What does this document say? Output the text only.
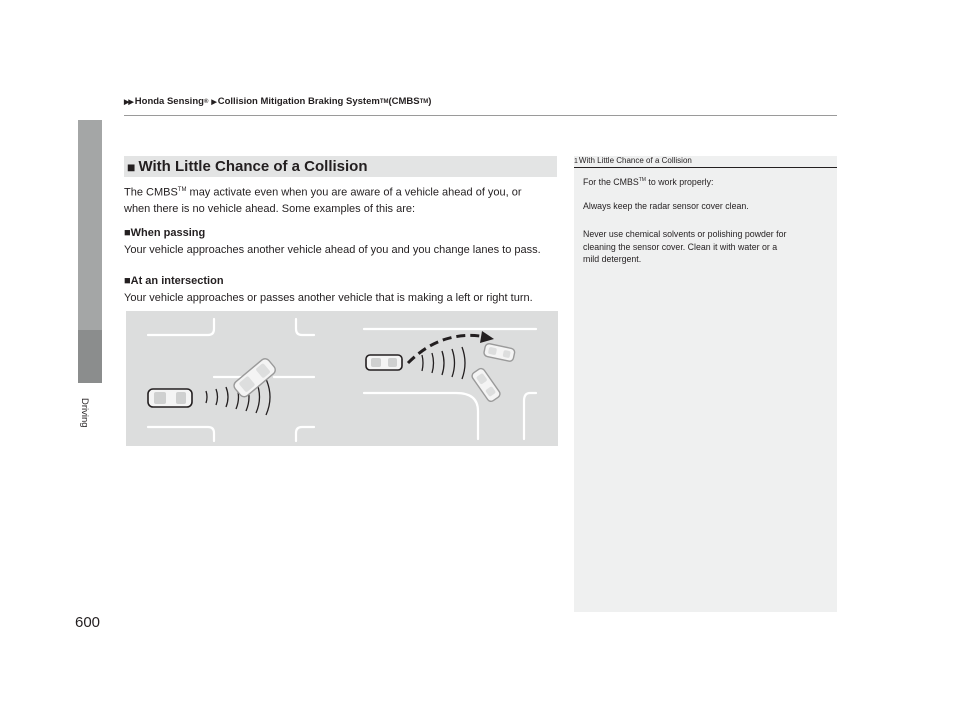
▶▶ Honda Sensing ® ▶ Collision Mitigation Braking System TM (CMBS TM )
Driving
■ With Little Chance of a Collision
The CMBS™ may activate even when you are aware of a vehicle ahead of you, or
when there is no vehicle ahead. Some examples of this are:
■When passing
Your vehicle approaches another vehicle ahead of you and you change lanes to pass.
■At an intersection
Your vehicle approaches or passes another vehicle that is making a left or right turn.
1With Little Chance of a Collision
For the CMBS™ to work properly:
Always keep the radar sensor cover clean.
Never use chemical solvents or polishing powder for
cleaning the sensor cover. Clean it with water or a
mild detergent.
600
